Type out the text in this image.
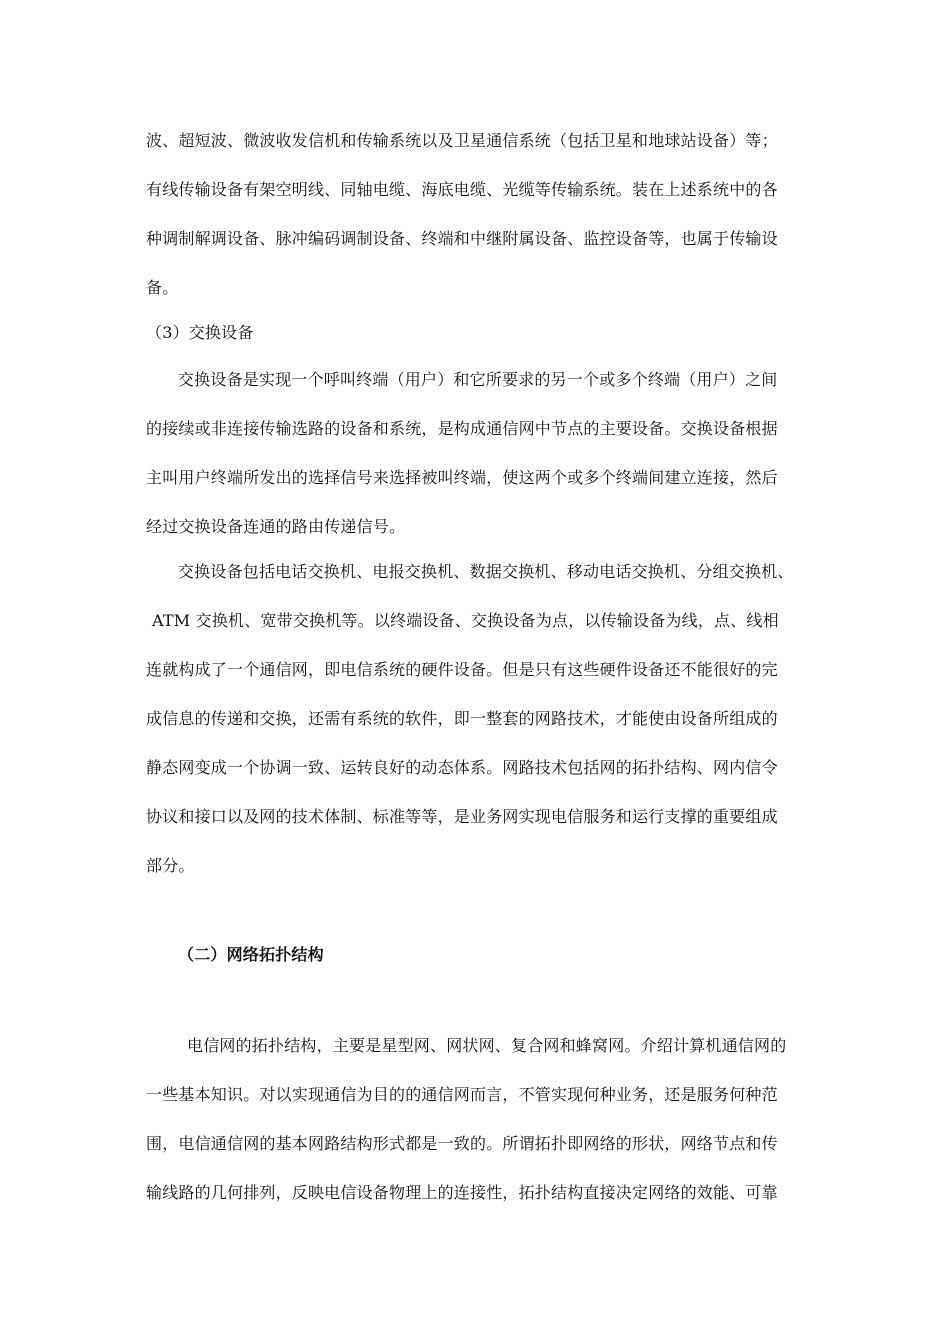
波、超短波、微波收发信机和传输系统以及卫星通信系统（包括卫星和地球站设备）等；
有线传输设备有架空明线、同轴电缆、海底电缆、光缆等传输系统。装在上述系统中的各
种调制解调设备、脉冲编码调制设备、终端和中继附属设备、监控设备等，也属于传输设
备。
（3）交换设备
交换设备是实现一个呼叫终端（用户）和它所要求的另一个或多个终端（用户）之间
的接续或非连接传输选路的设备和系统，是构成通信网中节点的主要设备。交换设备根据
主叫用户终端所发出的选择信号来选择被叫终端，使这两个或多个终端间建立连接，然后
经过交换设备连通的路由传递信号。
交换设备包括电话交换机、电报交换机、数据交换机、移动电话交换机、分组交换机、
ATM 交换机、宽带交换机等。以终端设备、交换设备为点，以传输设备为线，点、线相
连就构成了一个通信网，即电信系统的硬件设备。但是只有这些硬件设备还不能很好的完
成信息的传递和交换，还需有系统的软件，即一整套的网路技术，才能使由设备所组成的
静态网变成一个协调一致、运转良好的动态体系。网路技术包括网的拓扑结构、网内信令
协议和接口以及网的技术体制、标准等等，是业务网实现电信服务和运行支撑的重要组成
部分。
（二）网络拓扑结构
电信网的拓扑结构，主要是星型网、网状网、复合网和蜂窝网。介绍计算机通信网的
一些基本知识。对以实现通信为目的的通信网而言，不管实现何种业务，还是服务何种范
围，电信通信网的基本网路结构形式都是一致的。所谓拓扑即网络的形状，网络节点和传
输线路的几何排列，反映电信设备物理上的连接性，拓扑结构直接决定网络的效能、可靠
